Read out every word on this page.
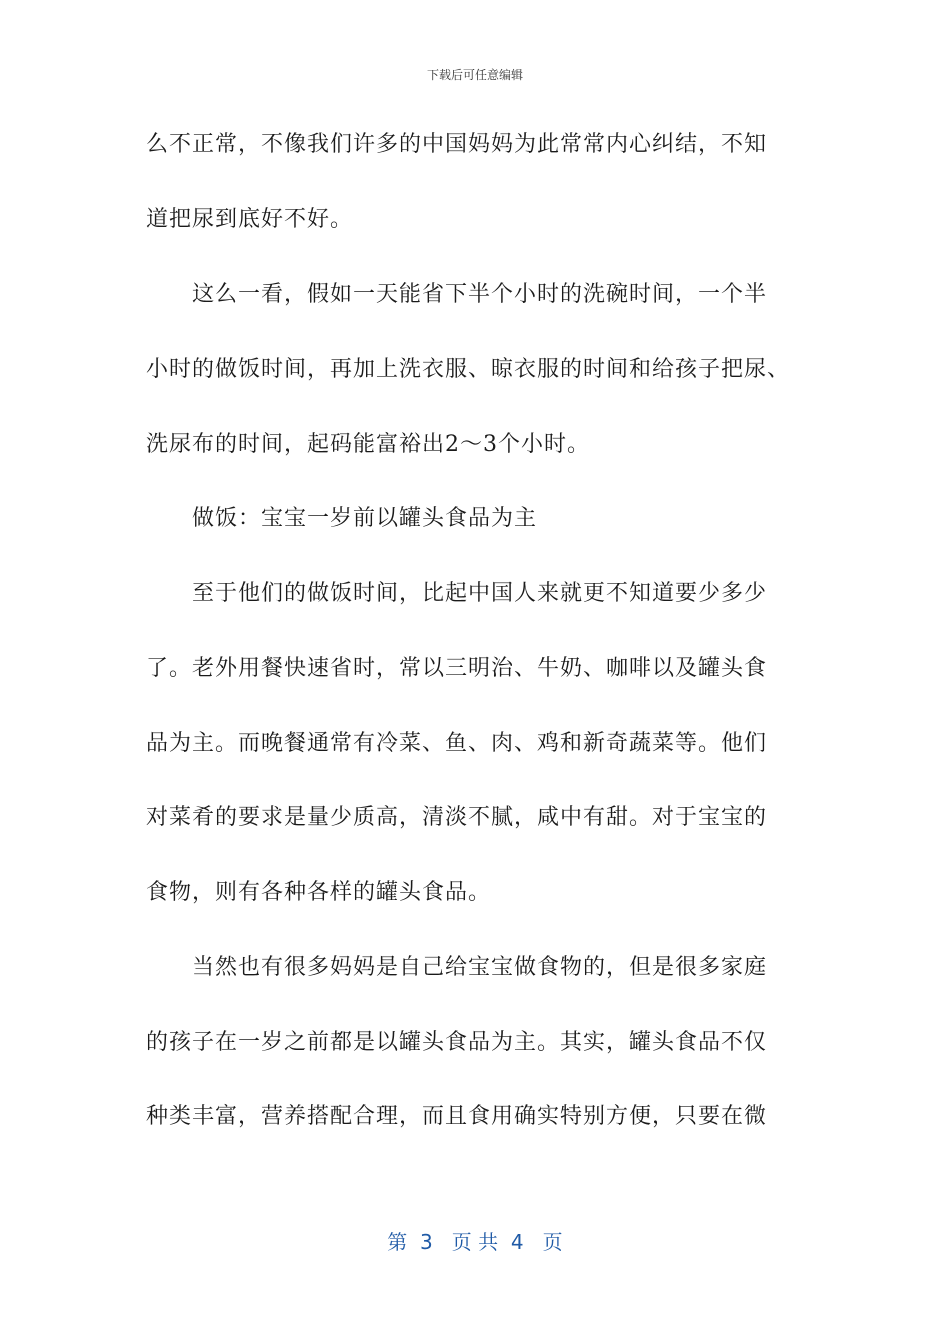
下载后可任意编辑
么不正常，不像我们许多的中国妈妈为此常常内心纠结，不知
道把尿到底好不好。
这么一看，假如一天能省下半个小时的洗碗时间，一个半
小时的做饭时间，再加上洗衣服、晾衣服的时间和给孩子把尿、
洗尿布的时间，起码能富裕出2～3个小时。
做饭：宝宝一岁前以罐头食品为主
至于他们的做饭时间，比起中国人来就更不知道要少多少
了。老外用餐快速省时，常以三明治、牛奶、咖啡以及罐头食
品为主。而晚餐通常有冷菜、鱼、肉、鸡和新奇蔬菜等。他们
对菜肴的要求是量少质高，清淡不腻，咸中有甜。对于宝宝的
食物，则有各种各样的罐头食品。
当然也有很多妈妈是自己给宝宝做食物的，但是很多家庭
的孩子在一岁之前都是以罐头食品为主。其实，罐头食品不仅
种类丰富，营养搭配合理，而且食用确实特别方便，只要在微
第  3   页 共  4   页
